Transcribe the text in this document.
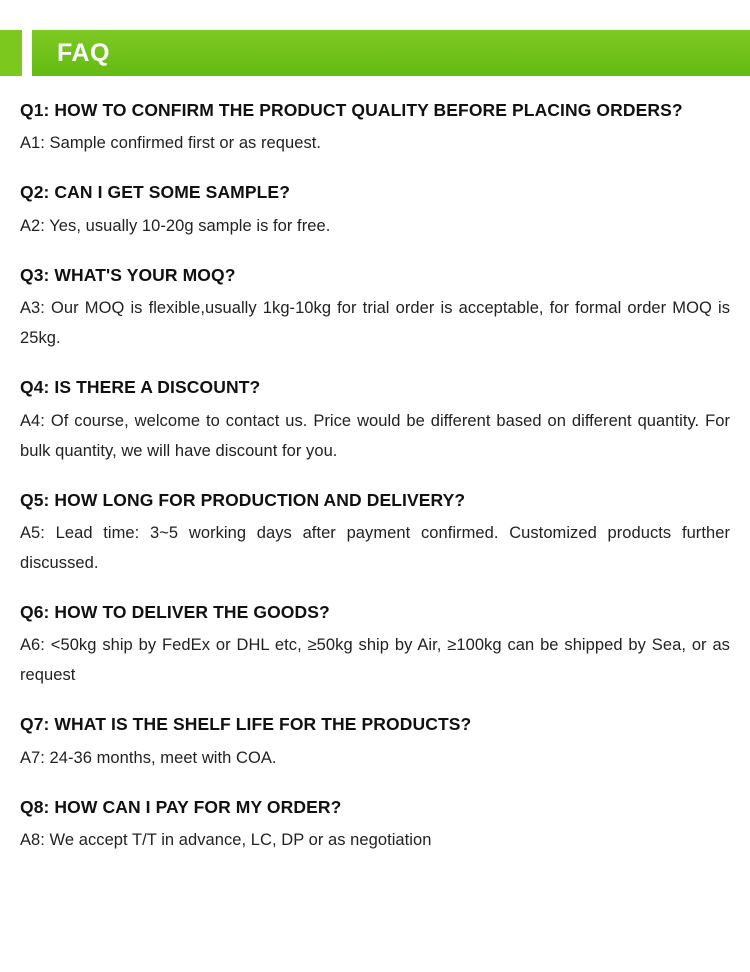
FAQ
Q1: HOW TO CONFIRM THE PRODUCT QUALITY BEFORE PLACING ORDERS?
A1: Sample confirmed first or as request.
Q2: CAN I GET SOME SAMPLE?
A2: Yes, usually 10-20g sample is for free.
Q3: WHAT'S YOUR MOQ?
A3: Our MOQ is flexible,usually 1kg-10kg for trial order is acceptable, for formal order MOQ is 25kg.
Q4: IS THERE A DISCOUNT?
A4: Of course, welcome to contact us. Price would be different based on different quantity. For bulk quantity, we will have discount for you.
Q5: HOW LONG FOR PRODUCTION AND DELIVERY?
A5: Lead time: 3~5 working days after payment confirmed. Customized products further discussed.
Q6: HOW TO DELIVER THE GOODS?
A6: <50kg ship by FedEx or DHL etc, ≥50kg ship by Air, ≥100kg can be shipped by Sea, or as request
Q7: WHAT IS THE SHELF LIFE FOR THE PRODUCTS?
A7: 24-36 months, meet with COA.
Q8: HOW CAN I PAY FOR MY ORDER?
A8: We accept T/T in advance, LC, DP or as negotiation
